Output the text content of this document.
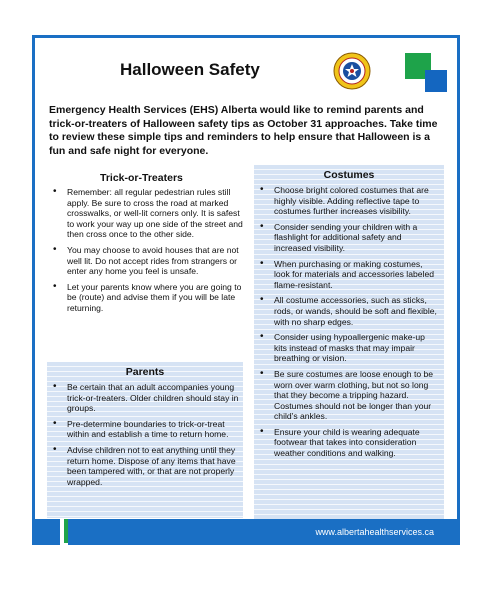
Halloween Safety
Emergency Health Services (EHS) Alberta would like to remind parents and trick-or-treaters of Halloween safety tips as October 31 approaches. Take time to review these simple tips and reminders to help ensure that Halloween is a fun and safe night for everyone.
Trick-or-Treaters
• Remember: all regular pedestrian rules still apply. Be sure to cross the road at marked crosswalks, or well-lit corners only. It is safest to work your way up one side of the street and then cross once to the other side.
• You may choose to avoid houses that are not well lit. Do not accept rides from strangers or enter any home you feel is unsafe.
• Let your parents know where you are going to be (route) and advise them if you will be late returning.
Parents
• Be certain that an adult accompanies young trick-or-treaters. Older children should stay in groups.
• Pre-determine boundaries to trick-or-treat within and establish a time to return home.
• Advise children not to eat anything until they return home. Dispose of any items that have been tampered with, or that are not properly wrapped.
Costumes
• Choose bright colored costumes that are highly visible. Adding reflective tape to costumes further increases visibility.
• Consider sending your children with a flashlight for additional safety and increased visibility.
• When purchasing or making costumes, look for materials and accessories labeled flame-resistant.
• All costume accessories, such as sticks, rods, or wands, should be soft and flexible, with no sharp edges.
• Consider using hypoallergenic make-up kits instead of masks that may impair breathing or vision.
• Be sure costumes are loose enough to be worn over warm clothing, but not so long that they become a tripping hazard. Costumes should not be longer than your child's ankles.
• Ensure your child is wearing adequate footwear that takes into consideration weather conditions and walking.
www.albertahealthservices.ca
